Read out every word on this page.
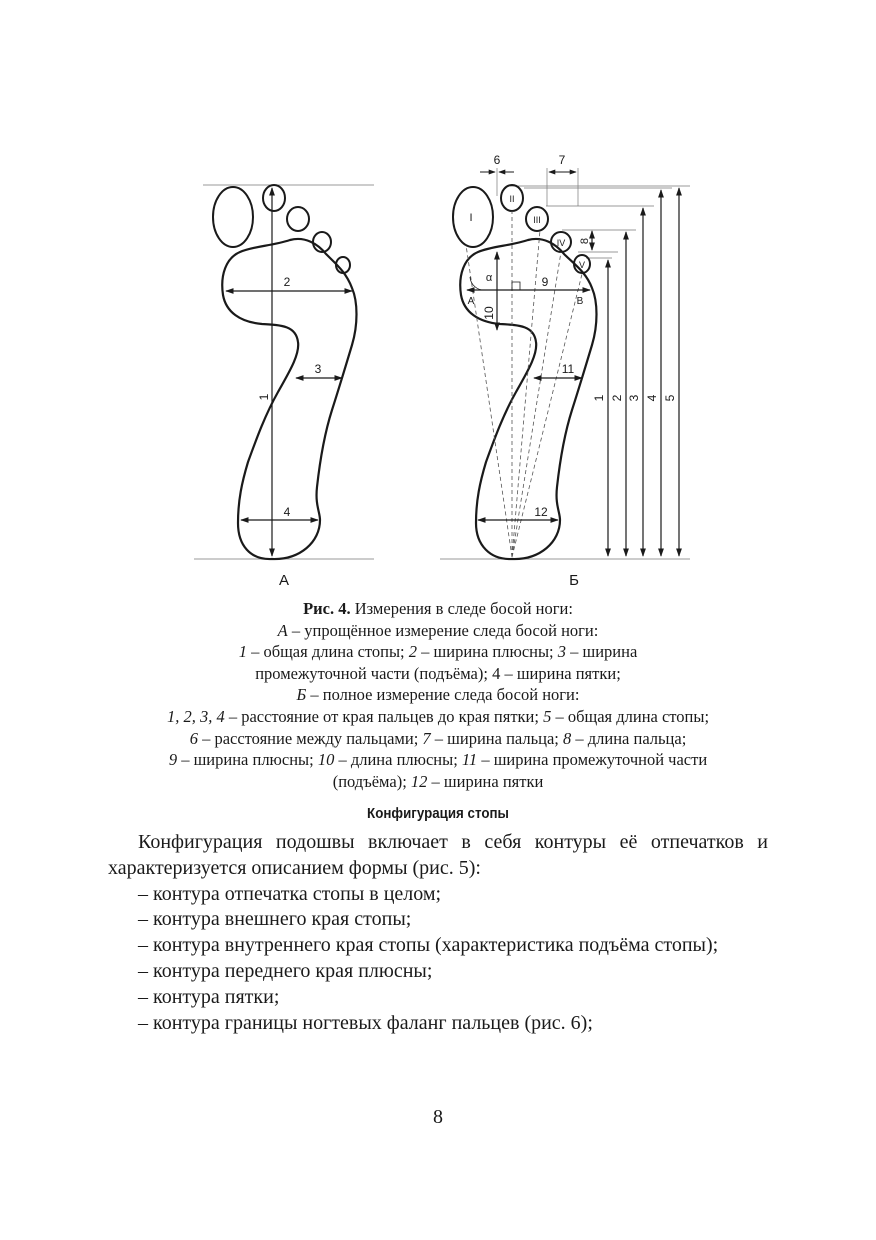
1
2
3
4
А
I
II
III
IV
V
A	B
α	9
10
11
12
6	7
8
1 2 3 4 5
Б
Рис. 4. Измерения в следе босой ноги:
А – упрощённое измерение следа босой ноги:
1 – общая длина стопы; 2 – ширина плюсны; 3 – ширина
промежуточной части (подъёма); 4 – ширина пятки;
Б – полное измерение следа босой ноги:
1, 2, 3, 4 – расстояние от края пальцев до края пятки; 5 – общая длина стопы;
6 – расстояние между пальцами; 7 – ширина пальца; 8 – длина пальца;
9 – ширина плюсны; 10 – длина плюсны; 11 – ширина промежуточной части
(подъёма); 12 – ширина пятки
Конфигурация стопы

Конфигурация подошвы включает в себя контуры её отпечатков и характеризуется описанием формы (рис. 5):

– контура отпечатка стопы в целом;

– контура внешнего края стопы;

– контура внутреннего края стопы (характеристика подъёма стопы);

– контура переднего края плюсны;

– контура пятки;

– контура границы ногтевых фаланг пальцев (рис. 6);

8
